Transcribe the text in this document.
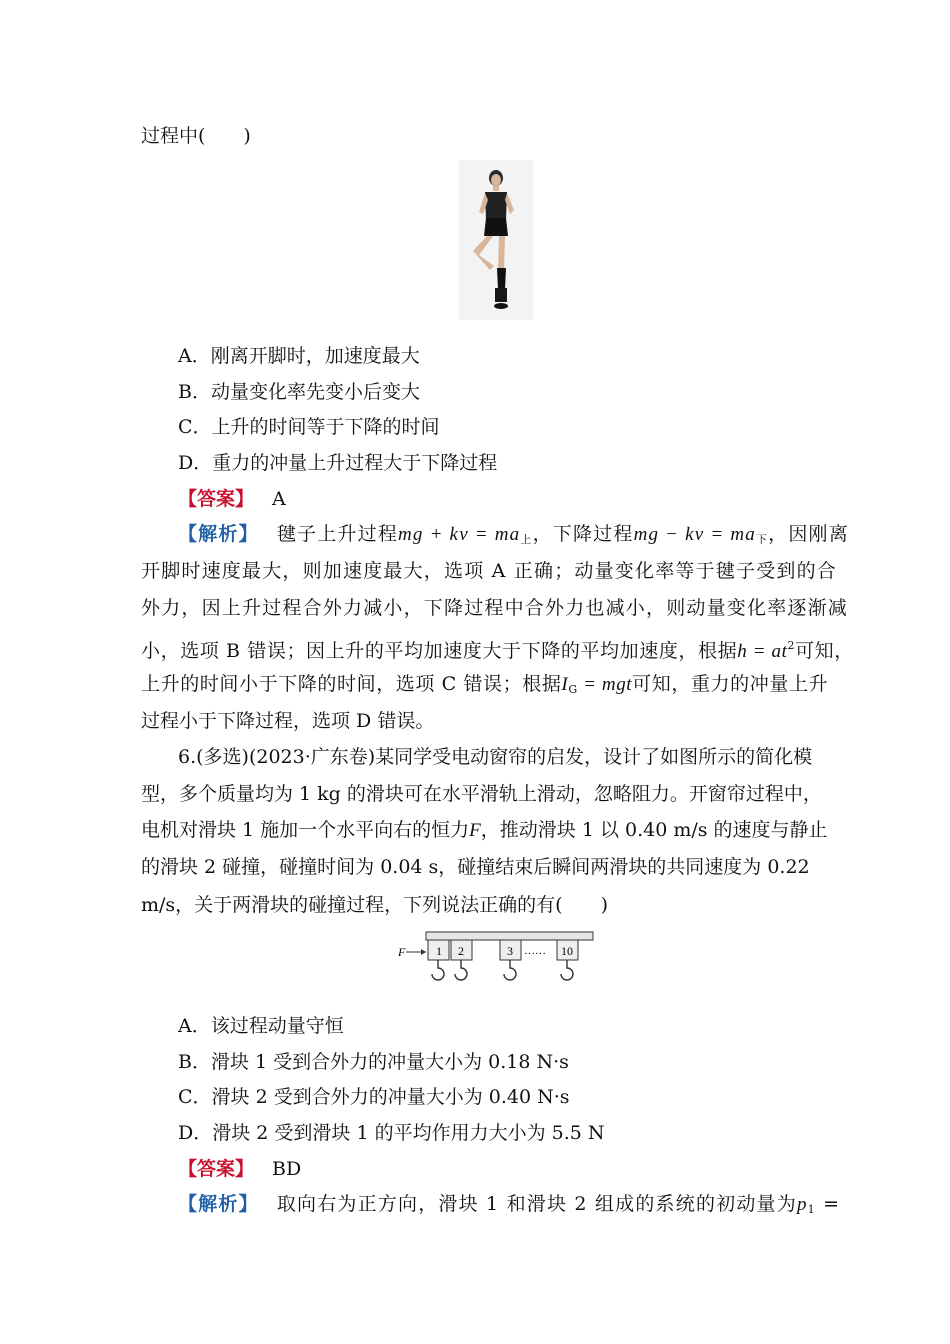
过程中(　　)
A．刚离开脚时，加速度最大
B．动量变化率先变小后变大
C．上升的时间等于下降的时间
D．重力的冲量上升过程大于下降过程
【答案】 A
【解析】 毽子上升过程mg + kv = $ma_上$，下降过程mg − kv = $ma_下$，因刚离
开脚时速度最大，则加速度最大，选项 A 正确；动量变化率等于毽子受到的合
外力，因上升过程合外力减小，下降过程中合外力也减小，则动量变化率逐渐减
小，选项 B 错误；因上升的平均加速度大于下降的平均加速度，根据$h = at^2$可知，
上升的时间小于下降的时间，选项 C 错误；根据$I_G$ = mgt可知，重力的冲量上升
过程小于下降过程，选项 D 错误。
6.(多选)(2023·广东卷)某同学受电动窗帘的启发，设计了如图所示的简化模
型，多个质量均为 1 kg 的滑块可在水平滑轨上滑动，忽略阻力。开窗帘过程中，
电机对滑块 1 施加一个水平向右的恒力F，推动滑块 1 以 0.40 m/s 的速度与静止
的滑块 2 碰撞，碰撞时间为 0.04 s，碰撞结束后瞬间两滑块的共同速度为 0.22
m/s，关于两滑块的碰撞过程，下列说法正确的有(　　)
F	1 2	3	10
……
A．该过程动量守恒
B．滑块 1 受到合外力的冲量大小为 0.18 N·s
C．滑块 2 受到合外力的冲量大小为 0.40 N·s
D．滑块 2 受到滑块 1 的平均作用力大小为 5.5 N
【答案】 BD
【解析】 取向右为正方向，滑块 1 和滑块 2 组成的系统的初动量为$p_1$ =
